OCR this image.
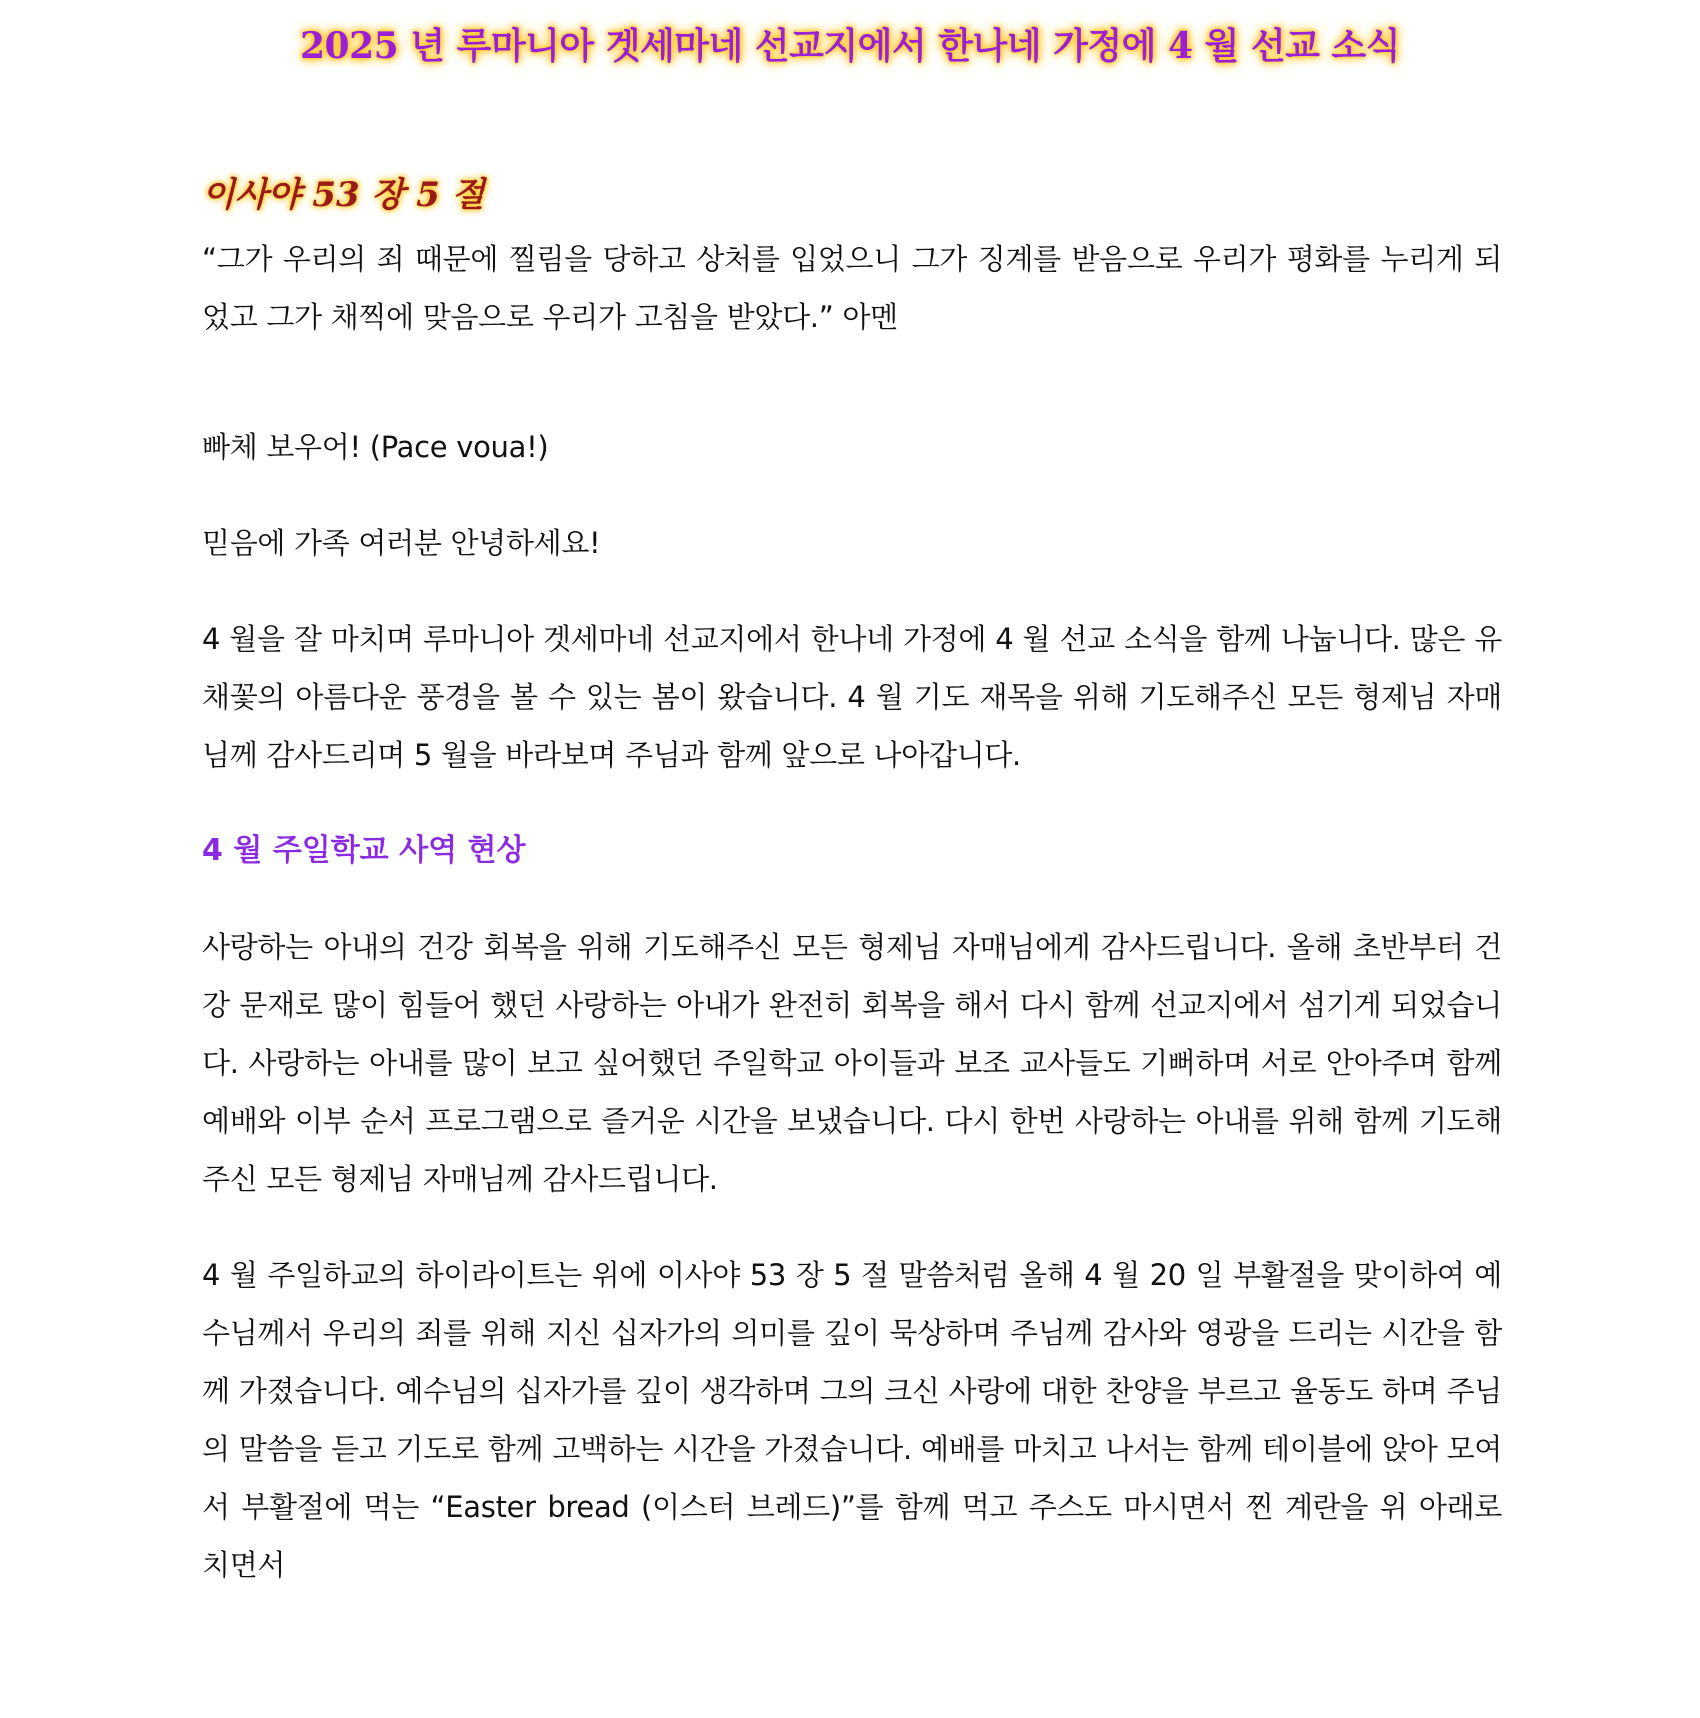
2025 년 루마니아 겟세마네 선교지에서 한나네 가정에 4 월 선교 소식
이사야 53 장 5 절

“그가 우리의 죄 때문에 찔림을 당하고 상처를 입었으니 그가 징계를 받음으로 우리가 평화를 누리게 되었고 그가 채찍에 맞음으로 우리가 고침을 받았다.” 아멘

빠체 보우어! (Pace voua!)

믿음에 가족 여러분 안녕하세요!

4 월을 잘 마치며 루마니아 겟세마네 선교지에서 한나네 가정에 4 월 선교 소식을 함께 나눕니다. 많은 유채꽃의 아름다운 풍경을 볼 수 있는 봄이 왔습니다. 4 월 기도 재목을 위해 기도해주신 모든 형제님 자매님께 감사드리며 5 월을 바라보며 주님과 함께 앞으로 나아갑니다.

4 월 주일학교 사역 현상

사랑하는 아내의 건강 회복을 위해 기도해주신 모든 형제님 자매님에게 감사드립니다. 올해 초반부터 건강 문재로 많이 힘들어 했던 사랑하는 아내가 완전히 회복을 해서 다시 함께 선교지에서 섬기게 되었습니다. 사랑하는 아내를 많이 보고 싶어했던 주일학교 아이들과 보조 교사들도 기뻐하며 서로 안아주며 함께 예배와 이부 순서 프로그램으로 즐거운 시간을 보냈습니다. 다시 한번 사랑하는 아내를 위해 함께 기도해주신 모든 형제님 자매님께 감사드립니다.

4 월 주일하교의 하이라이트는 위에 이사야 53 장 5 절 말씀처럼 올해 4 월 20 일 부활절을 맞이하여 예수님께서 우리의 죄를 위해 지신 십자가의 의미를 깊이 묵상하며 주님께 감사와 영광을 드리는 시간을 함께 가졌습니다. 예수님의 십자가를 깊이 생각하며 그의 크신 사랑에 대한 찬양을 부르고 율동도 하며 주님의 말씀을 듣고 기도로 함께 고백하는 시간을 가졌습니다. 예배를 마치고 나서는 함께 테이블에 앉아 모여서 부활절에 먹는 “Easter bread (이스터 브레드)”를 함께 먹고 주스도 마시면서 찐 계란을 위 아래로 치면서
